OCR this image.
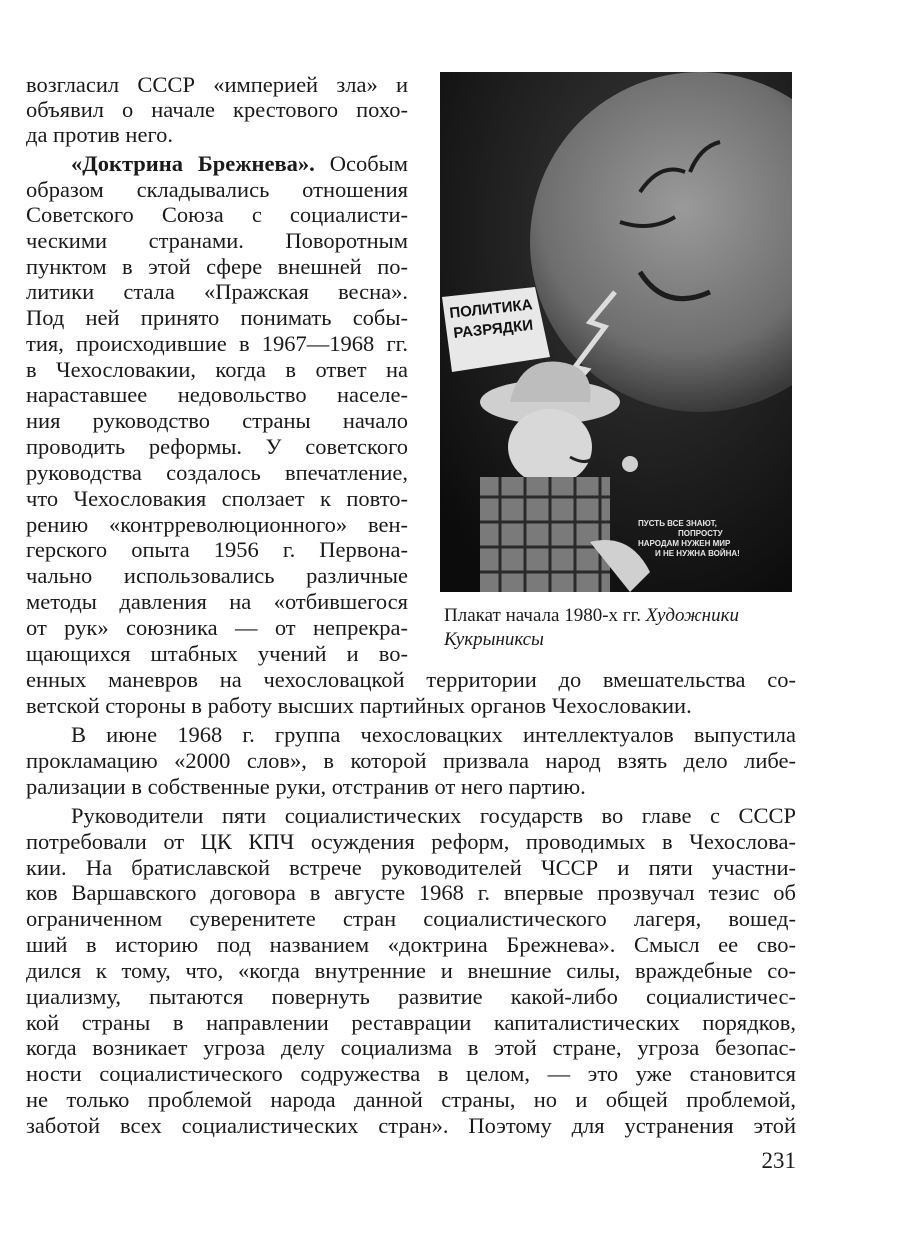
возгласил СССР «империей зла» и

объявил о начале крестового похо-

да против него.

«Доктрина Брежнева». Особым

образом складывались отношения

Советского Союза с социалисти-

ческими странами. Поворотным

пунктом в этой сфере внешней по-

литики стала «Пражская весна».

Под ней принято понимать собы-

тия, происходившие в 1967—1968 гг.

в Чехословакии, когда в ответ на

нараставшее недовольство населе-

ния руководство страны начало

проводить реформы. У советского

руководства создалось впечатление,

что Чехословакия сползает к повто-

рению «контрреволюционного» вен-

герского опыта 1956 г. Первона-

чально использовались различные

методы давления на «отбившегося

от рук» союзника — от непрекра-

щающихся штабных учений и во-

ПОЛИТИКА
РАЗРЯДКИ
ПУСТЬ ВСЕ ЗНАЮТ,
ПОПРОСТУ
НАРОДАМ НУЖЕН МИР
И НЕ НУЖНА ВОЙНА!
Плакат начала 1980-х гг. Художники
Кукрыниксы

енных маневров на чехословацкой территории до вмешательства со-

ветской стороны в работу высших партийных органов Чехословакии.

В июне 1968 г. группа чехословацких интеллектуалов выпустила

прокламацию «2000 слов», в которой призвала народ взять дело либе-

рализации в собственные руки, отстранив от него партию.

Руководители пяти социалистических государств во главе с СССР

потребовали от ЦК КПЧ осуждения реформ, проводимых в Чехослова-

кии. На братиславской встрече руководителей ЧССР и пяти участни-

ков Варшавского договора в августе 1968 г. впервые прозвучал тезис об

ограниченном суверенитете стран социалистического лагеря, вошед-

ший в историю под названием «доктрина Брежнева». Смысл ее сво-

дился к тому, что, «когда внутренние и внешние силы, враждебные со-

циализму, пытаются повернуть развитие какой-либо социалистичес-

кой страны в направлении реставрации капиталистических порядков,

когда возникает угроза делу социализма в этой стране, угроза безопас-

ности социалистического содружества в целом, — это уже становится

не только проблемой народа данной страны, но и общей проблемой,

заботой всех социалистических стран». Поэтому для устранения этой

231
